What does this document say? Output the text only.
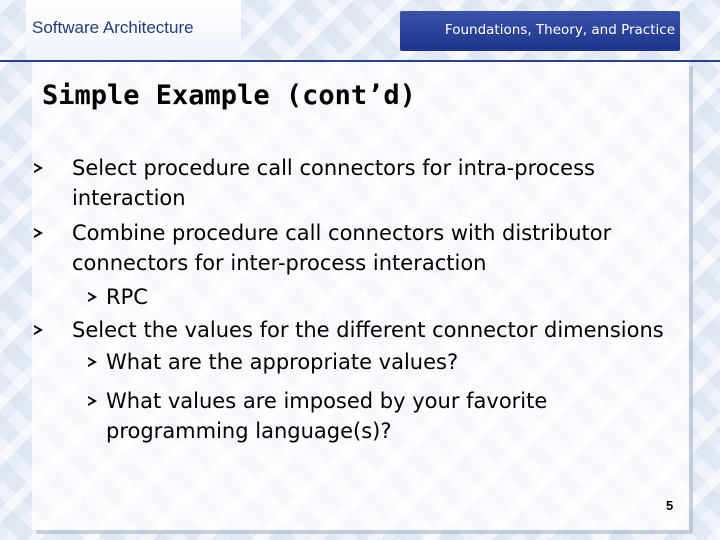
Software Architecture	Foundations, Theory, and Practice
Simple Example (cont’d)
Select procedure call connectors for intra-process
interaction
Combine procedure call connectors with distributor
connectors for inter-process interaction
RPC
Select the values for the different connector dimensions
What are the appropriate values?
What values are imposed by your favorite
programming language(s)?
5
